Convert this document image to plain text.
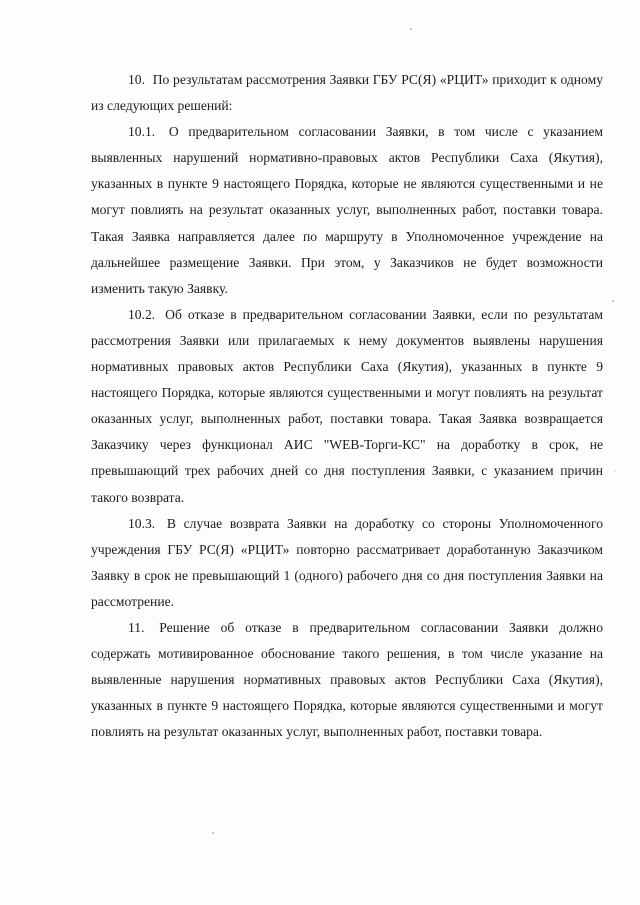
10. По результатам рассмотрения Заявки ГБУ РС(Я) «РЦИТ» приходит к одному из следующих решений:

10.1. О предварительном согласовании Заявки, в том числе с указанием выявленных нарушений нормативно-правовых актов Республики Саха (Якутия), указанных в пункте 9 настоящего Порядка, которые не являются существенными и не могут повлиять на результат оказанных услуг, выполненных работ, поставки товара. Такая Заявка направляется далее по маршруту в Уполномоченное учреждение на дальнейшее размещение Заявки. При этом, у Заказчиков не будет возможности изменить такую Заявку.

10.2. Об отказе в предварительном согласовании Заявки, если по результатам рассмотрения Заявки или прилагаемых к нему документов выявлены нарушения нормативных правовых актов Республики Саха (Якутия), указанных в пункте 9 настоящего Порядка, которые являются существенными и могут повлиять на результат оказанных услуг, выполненных работ, поставки товара. Такая Заявка возвращается Заказчику через функционал АИС "WEB-Торги-КС" на доработку в срок, не превышающий трех рабочих дней со дня поступления Заявки, с указанием причин такого возврата.

10.3. В случае возврата Заявки на доработку со стороны Уполномоченного учреждения ГБУ РС(Я) «РЦИТ» повторно рассматривает доработанную Заказчиком Заявку в срок не превышающий 1 (одного) рабочего дня со дня поступления Заявки на рассмотрение.

11. Решение об отказе в предварительном согласовании Заявки должно содержать мотивированное обоснование такого решения, в том числе указание на выявленные нарушения нормативных правовых актов Республики Саха (Якутия), указанных в пункте 9 настоящего Порядка, которые являются существенными и могут повлиять на результат оказанных услуг, выполненных работ, поставки товара.
